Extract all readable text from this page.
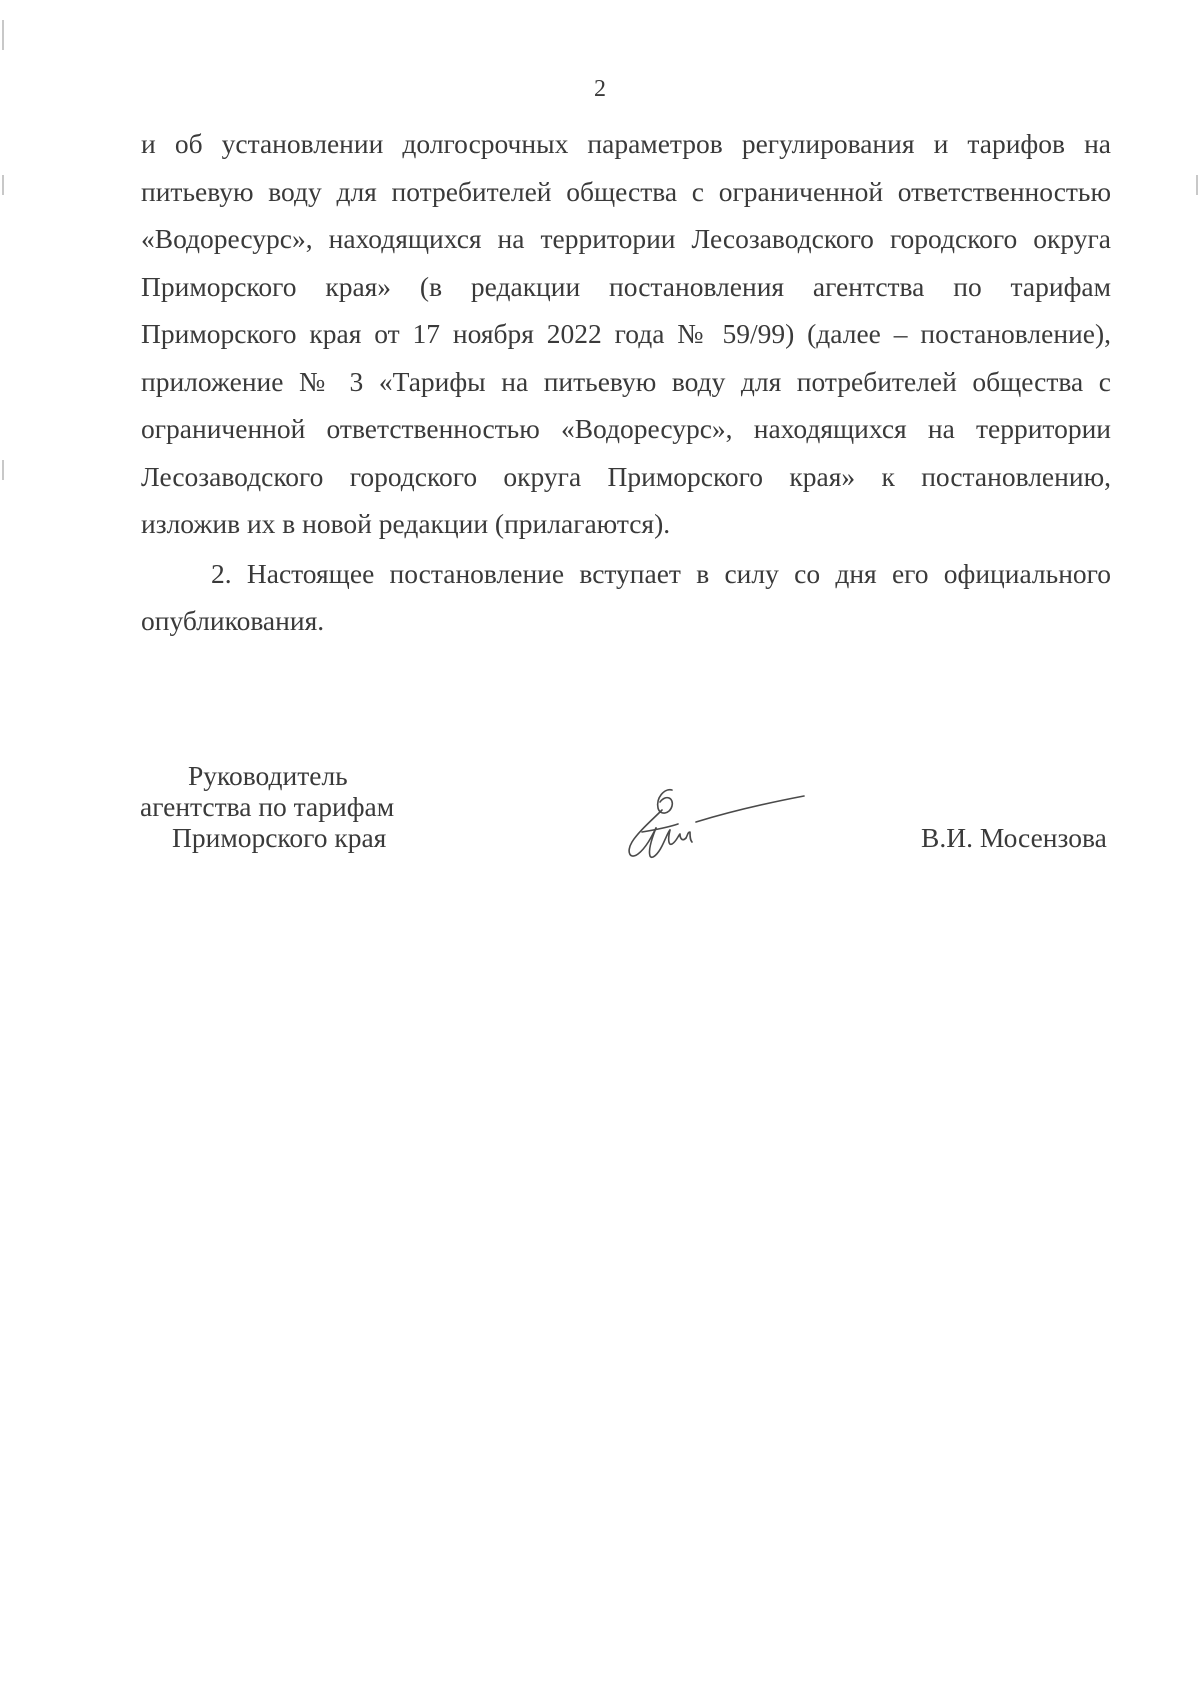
2
и об установлении долгосрочных параметров регулирования и тарифов на
питьевую воду для потребителей общества с ограниченной ответственностью
«Водоресурс», находящихся на территории Лесозаводского городского округа
Приморского края» (в редакции постановления агентства по тарифам
Приморского края от 17 ноября 2022 года № 59/99) (далее – постановление),
приложение № 3 «Тарифы на питьевую воду для потребителей общества с
ограниченной ответственностью «Водоресурс», находящихся на территории
Лесозаводского городского округа Приморского края» к постановлению,
изложив их в новой редакции (прилагаются).
2. Настоящее постановление вступает в силу со дня его официального
опубликования.
Руководитель
агентства по тарифам
Приморского края	В.И. Мосензова
